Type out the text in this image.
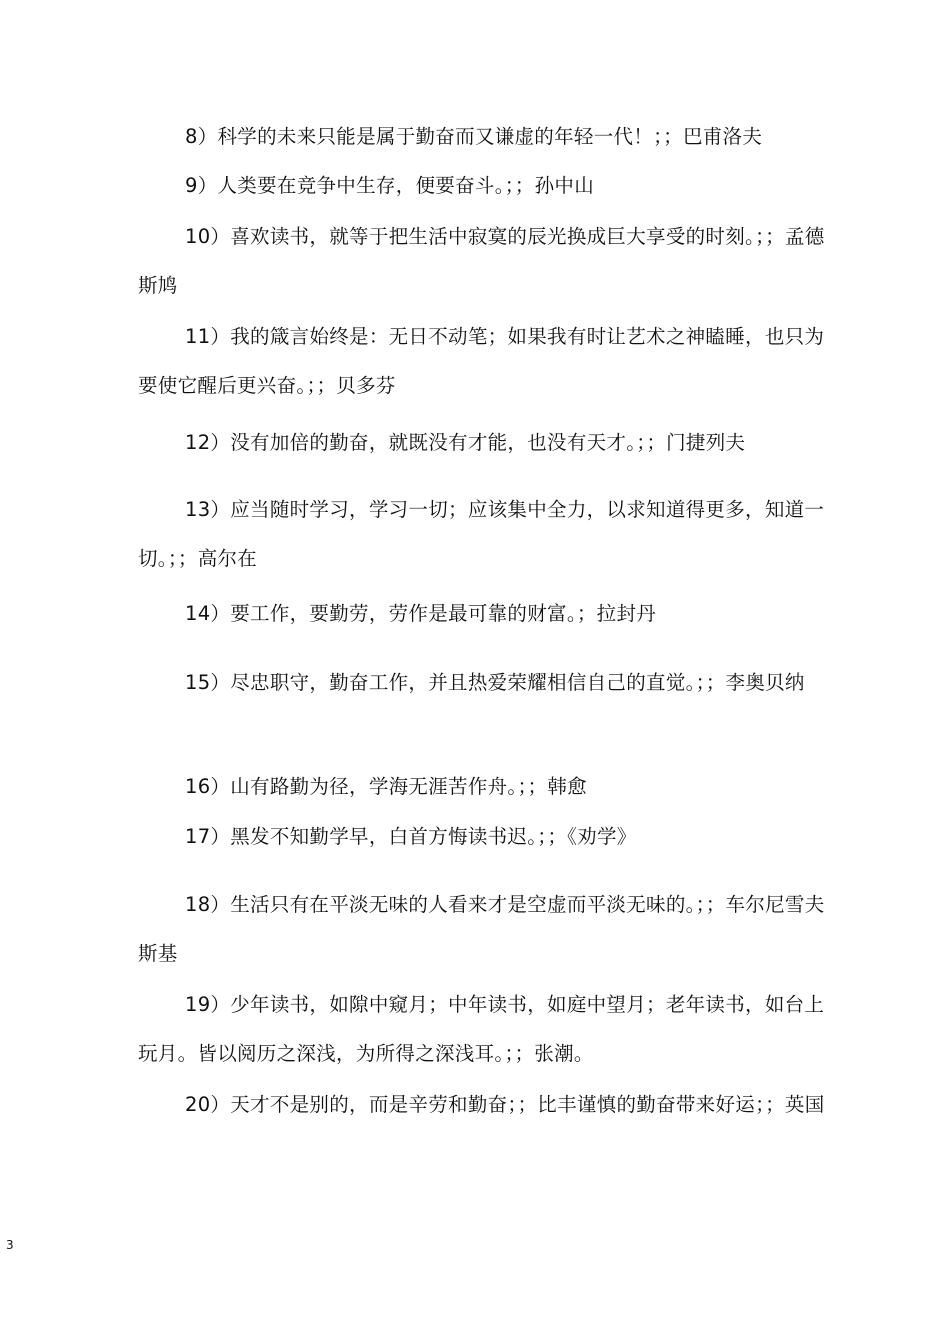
8）科学的未来只能是属于勤奋而又谦虚的年轻一代！；；巴甫洛夫

9）人类要在竞争中生存，便要奋斗。；；孙中山

10）喜欢读书，就等于把生活中寂寞的辰光换成巨大享受的时刻。；；孟德斯鸠

11）我的箴言始终是：无日不动笔；如果我有时让艺术之神瞌睡，也只为要使它醒后更兴奋。；；贝多芬

12）没有加倍的勤奋，就既没有才能，也没有天才。；；门捷列夫

13）应当随时学习，学习一切；应该集中全力，以求知道得更多，知道一切。；；高尔在

14）要工作，要勤劳，劳作是最可靠的财富。；拉封丹

15）尽忠职守，勤奋工作，并且热爱荣耀相信自己的直觉。；；李奥贝纳

16）山有路勤为径，学海无涯苦作舟。；；韩愈

17）黑发不知勤学早，白首方悔读书迟。；；《劝学》

18）生活只有在平淡无味的人看来才是空虚而平淡无味的。；；车尔尼雪夫斯基

19）少年读书，如隙中窥月；中年读书，如庭中望月；老年读书，如台上玩月。皆以阅历之深浅，为所得之深浅耳。；；张潮。

20）天才不是别的，而是辛劳和勤奋；；比丰谨慎的勤奋带来好运；；英国

3
